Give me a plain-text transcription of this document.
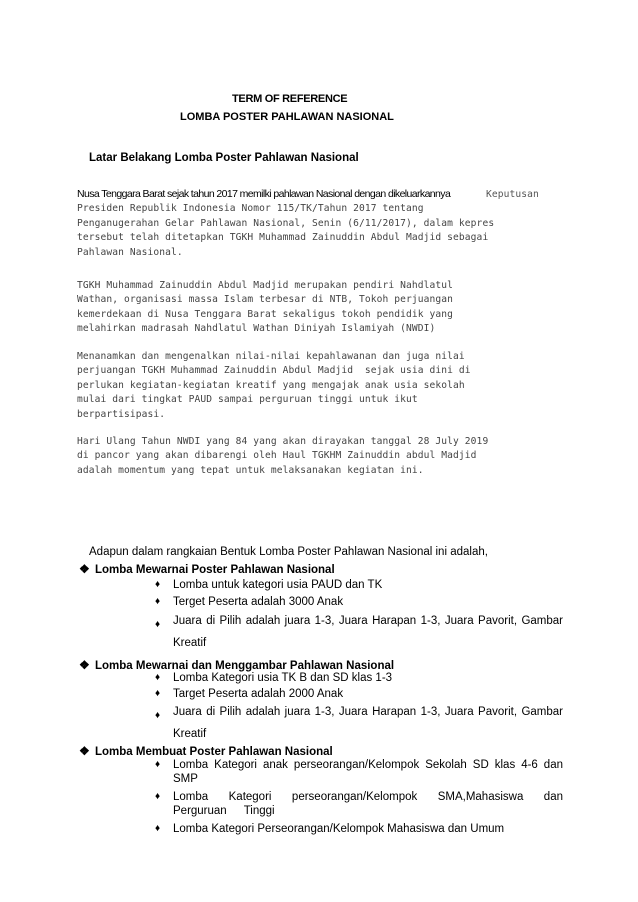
TERM OF REFERENCE
LOMBA POSTER PAHLAWAN NASIONAL
Latar Belakang Lomba Poster Pahlawan Nasional
Nusa Tenggara Barat sejak tahun 2017 memilki pahlawan Nasional dengan dikeluarkannya	Keputusan
Presiden Republik Indonesia Nomor 115/TK/Tahun 2017 tentang
Penganugerahan Gelar Pahlawan Nasional, Senin (6/11/2017), dalam kepres
tersebut telah ditetapkan TGKH Muhammad Zainuddin Abdul Madjid sebagai
Pahlawan Nasional.
TGKH Muhammad Zainuddin Abdul Madjid merupakan pendiri Nahdlatul
Wathan, organisasi massa Islam terbesar di NTB, Tokoh perjuangan
kemerdekaan di Nusa Tenggara Barat sekaligus tokoh pendidik yang
melahirkan madrasah Nahdlatul Wathan Diniyah Islamiyah (NWDI)
Menanamkan dan mengenalkan nilai-nilai kepahlawanan dan juga nilai
perjuangan TGKH Muhammad Zainuddin Abdul Madjid  sejak usia dini di
perlukan kegiatan-kegiatan kreatif yang mengajak anak usia sekolah
mulai dari tingkat PAUD sampai perguruan tinggi untuk ikut
berpartisipasi.
Hari Ulang Tahun NWDI yang 84 yang akan dirayakan tanggal 28 July 2019
di pancor yang akan dibarengi oleh Haul TGKHM Zainuddin abdul Madjid
adalah momentum yang tepat untuk melaksanakan kegiatan ini.
Adapun dalam rangkaian Bentuk Lomba Poster Pahlawan Nasional ini adalah,
❖ Lomba Mewarnai Poster Pahlawan Nasional
♦ Lomba untuk kategori usia PAUD dan TK
♦ Terget Peserta adalah 3000 Anak
♦ Juara di Pilih adalah juara 1-3, Juara Harapan 1-3, Juara Pavorit, Gambar Kreatif
❖ Lomba Mewarnai dan Menggambar Pahlawan Nasional
♦ Lomba Kategori usia TK B dan SD klas 1-3
♦ Target Peserta adalah 2000 Anak
♦ Juara di Pilih adalah juara 1-3, Juara Harapan 1-3, Juara Pavorit, Gambar Kreatif
❖ Lomba Membuat Poster Pahlawan Nasional
♦ Lomba Kategori anak perseorangan/Kelompok Sekolah SD klas 4-6 dan SMP
♦ Lomba Kategori perseorangan/Kelompok SMA,Mahasiswa dan Perguruan Tinggi
♦ Lomba Kategori Perseorangan/Kelompok Mahasiswa dan Umum
